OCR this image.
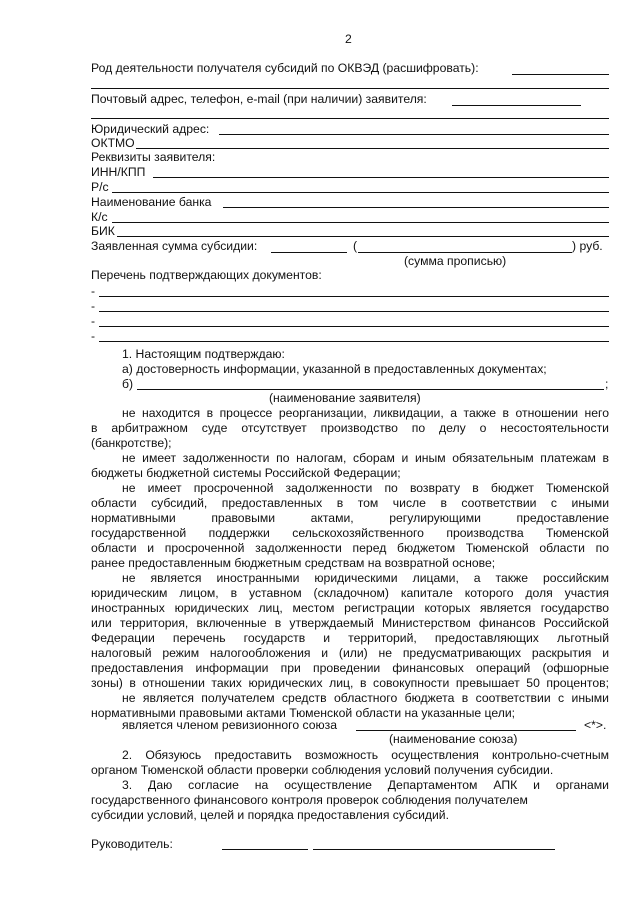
2
Род деятельности получателя субсидий по ОКВЭД (расшифровать):
Почтовый адрес, телефон, e-mail (при наличии) заявителя:
Юридический адрес:
ОКТМО
Реквизиты заявителя:
ИНН/КПП
Р/с
Наименование банка
К/с
БИК
Заявленная сумма субсидии:	(	) руб.
(сумма прописью)
Перечень подтверждающих документов:
-
-
-
-
1. Настоящим подтверждаю:
а) достоверность информации, указанной в предоставленных документах;
б)	;
(наименование заявителя)
не находится в процессе реорганизации, ликвидации, а также в отношении него
в арбитражном суде отсутствует производство по делу о несостоятельности
(банкротстве);
не имеет задолженности по налогам, сборам и иным обязательным платежам в
бюджеты бюджетной системы Российской Федерации;
не имеет просроченной задолженности по возврату в бюджет Тюменской
области субсидий, предоставленных в том числе в соответствии с иными
нормативными правовыми актами, регулирующими предоставление
государственной поддержки сельскохозяйственного производства Тюменской
области и просроченной задолженности перед бюджетом Тюменской области по
ранее предоставленным бюджетным средствам на возвратной основе;
не является иностранными юридическими лицами, а также российским
юридическим лицом, в уставном (складочном) капитале которого доля участия
иностранных юридических лиц, местом регистрации которых является государство
или территория, включенные в утверждаемый Министерством финансов Российской
Федерации перечень государств и территорий, предоставляющих льготный
налоговый режим налогообложения и (или) не предусматривающих раскрытия и
предоставления информации при проведении финансовых операций (офшорные
зоны) в отношении таких юридических лиц, в совокупности превышает 50 процентов;
не является получателем средств областного бюджета в соответствии с иными
нормативными правовыми актами Тюменской области на указанные цели;
является членом ревизионного союза	<*>.
(наименование союза)
2. Обязуюсь предоставить возможность осуществления контрольно-счетным
органом Тюменской области проверки соблюдения условий получения субсидии.
3. Даю согласие на осуществление Департаментом АПК и органами
государственного финансового контроля проверок соблюдения получателем
субсидии условий, целей и порядка предоставления субсидий.
Руководитель:
